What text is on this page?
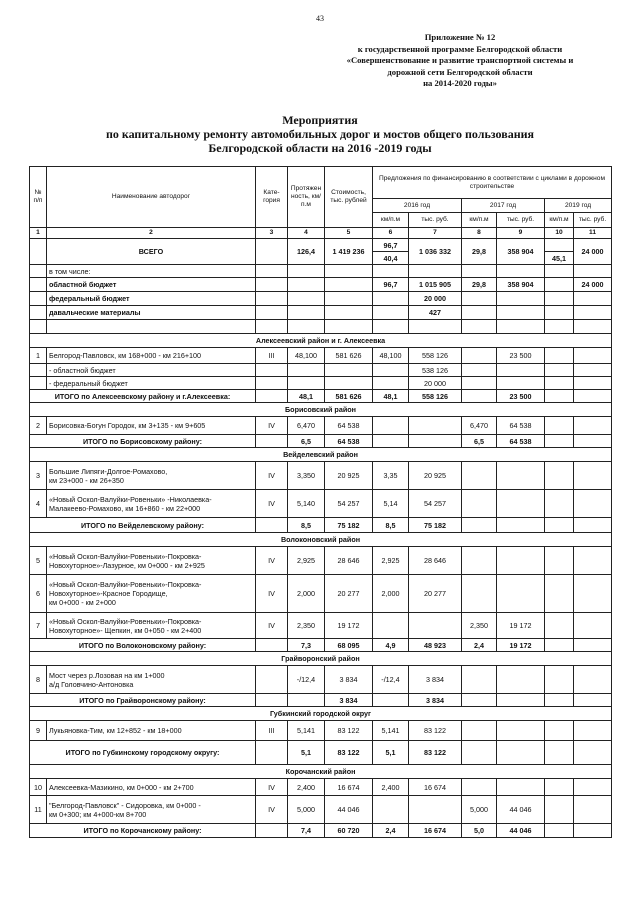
43
Приложение № 12
к государственной программе Белгородской области
«Совершенствование и развитие транспортной системы и
дорожной сети Белгородской области
на 2014-2020 годы»
Мероприятия
по капитальному ремонту автомобильных дорог и мостов общего пользования
Белгородской области на 2016 -2019 годы
№ п/п	Наименование автодорог	Кате- гория	Протяжен ность, км/п.м	Стоимость, тыс. рублей	Предложения по финансированию в соответствии с циклами в дорожном строительстве					
					2016 год		2017 год		2019 год	
					км/п.м	тыс. руб.	км/п.м	тыс. руб.	км/п.м	тыс. руб.
1	2	3	4	5	6	7	8	9	10	11
	ВСЕГО		126,4	1 419 236	96,7	1 036 332	29,8	358 904		24 000
					40,4				45,1	
	в том числе:									
	областной бюджет				96,7	1 015 905	29,8	358 904		24 000
	федеральный бюджет					20 000				
	давальческие материалы					427				

Алексеевский район и г. Алексеевка										
1	Белгород-Павловск, км 168+000 - км 216+100	III	48,100	581 626	48,100	558 126		23 500		
	- областной бюджет					538 126				
	- федеральный бюджет					20 000				
ИТОГО по Алексеевскому району и г.Алексеевка:			48,1	581 626	48,1	558 126		23 500		
Борисовский район										
2	Борисовка-Богун Городок, км 3+135 - км 9+605	IV	6,470	64 538			6,470	64 538		
ИТОГО по Борисовскому району:			6,5	64 538			6,5	64 538		
Вейделевский район										
3	Большие Липяги-Долгое-Ромахово,
км 23+000 - км 26+350	IV	3,350	20 925	3,35	20 925				
4	«Новый Оскол-Валуйки-Ровеньки» -Николаевка-
Малакеево-Ромахово, км 16+860 - км 22+000	IV	5,140	54 257	5,14	54 257				
ИТОГО по Вейделевскому району:			8,5	75 182	8,5	75 182				
Волоконовский район										
5	«Новый Оскол-Валуйки-Ровеньки»-Покровка-
Новохуторное»-Лазурное, км 0+000 - км 2+925	IV	2,925	28 646	2,925	28 646				
6	«Новый Оскол-Валуйки-Ровеньки»-Покровка-
Новохуторное»-Красное Городище,
км 0+000 - км 2+000	IV	2,000	20 277	2,000	20 277				
7	«Новый Оскол-Валуйки-Ровеньки»-Покровка-
Новохуторное»- Щепкин, км 0+050 - км 2+400	IV	2,350	19 172			2,350	19 172		
ИТОГО по Волоконовскому району:			7,3	68 095	4,9	48 923	2,4	19 172		
Грайворонский район										
8	Мост через р.Лозовая на км 1+000
а/д Головчино-Антоновка		-/12,4	3 834	-/12,4	3 834				
ИТОГО по Грайворонскому району:				3 834		3 834				
Губкинский городской округ										
9	Лукьяновка-Тим, км 12+852 - км 18+000	III	5,141	83 122	5,141	83 122				
ИТОГО по Губкинскому городскому округу:			5,1	83 122	5,1	83 122				
Корочанский район										
10	Алексеевка-Мазикино, км 0+000 - км 2+700	IV	2,400	16 674	2,400	16 674				
11	"Белгород-Павловск" - Сидоровка, км 0+000 -
км 0+300; км 4+000-км 8+700	IV	5,000	44 046			5,000	44 046		
ИТОГО по Корочанскому району:			7,4	60 720	2,4	16 674	5,0	44 046		
